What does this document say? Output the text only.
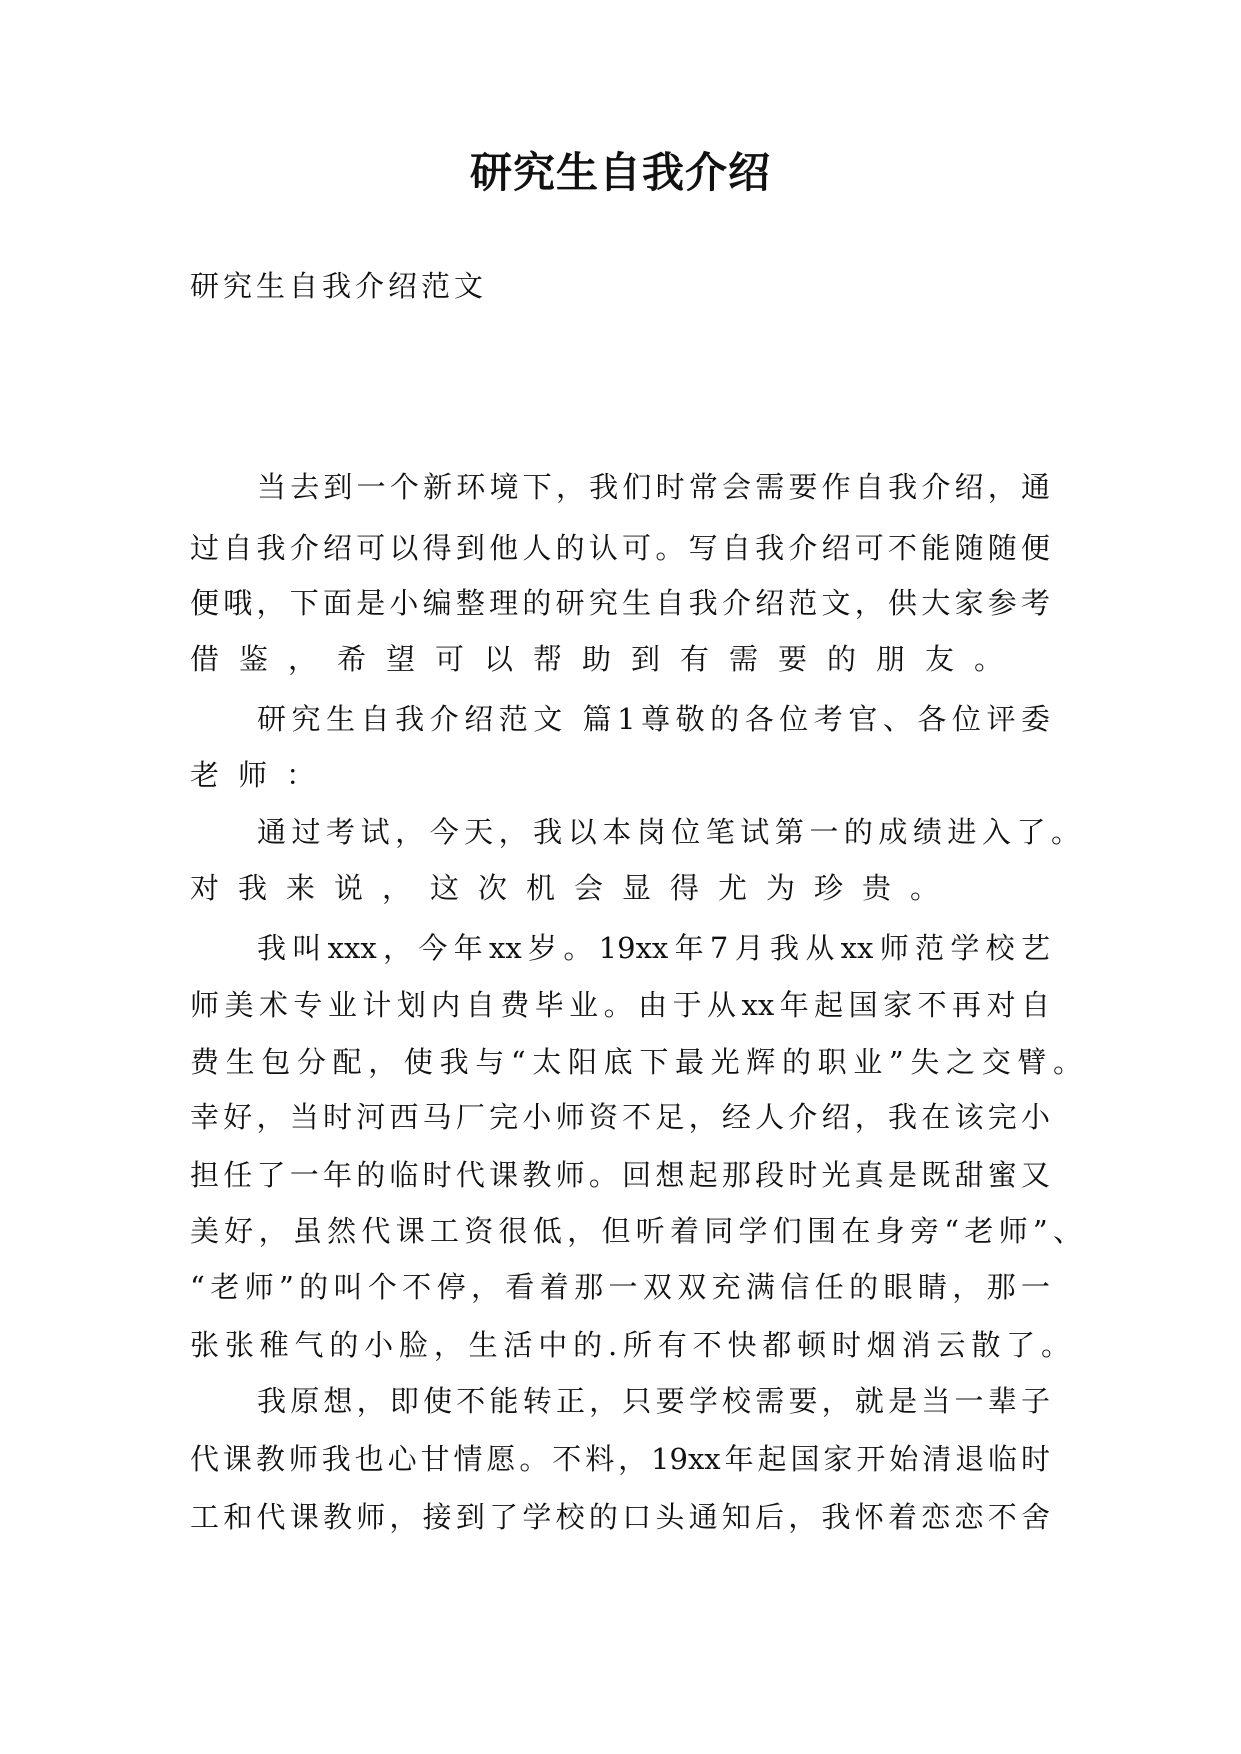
研究生自我介绍
研究生自我介绍范文
当去到一个新环境下，我们时常会需要作自我介绍，通
过自我介绍可以得到他人的认可。写自我介绍可不能随随便
便哦，下面是小编整理的研究生自我介绍范文，供大家参考
借鉴，希望可以帮助到有需要的朋友。
研究生自我介绍范文 篇1尊敬的各位考官、各位评委
老师：
通过考试，今天，我以本岗位笔试第一的成绩进入了。
对我来说，这次机会显得尤为珍贵。
我叫xxx，今年xx岁。19xx年7月我从xx师范学校艺
师美术专业计划内自费毕业。由于从xx年起国家不再对自
费生包分配，使我与“太阳底下最光辉的职业”失之交臂。
幸好，当时河西马厂完小师资不足，经人介绍，我在该完小
担任了一年的临时代课教师。回想起那段时光真是既甜蜜又
美好，虽然代课工资很低，但听着同学们围在身旁“老师”、
“老师”的叫个不停，看着那一双双充满信任的眼睛，那一
张张稚气的小脸，生活中的.所有不快都顿时烟消云散了。
我原想，即使不能转正，只要学校需要，就是当一辈子
代课教师我也心甘情愿。不料，19xx年起国家开始清退临时
工和代课教师，接到了学校的口头通知后，我怀着恋恋不舍
